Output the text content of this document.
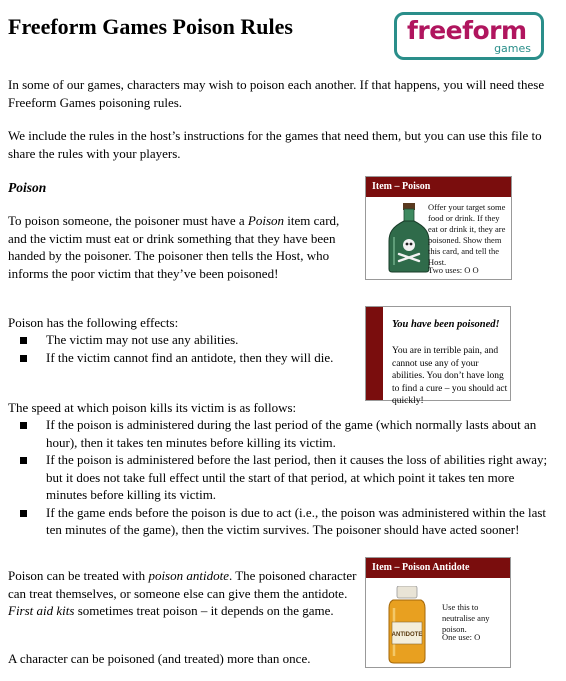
Freeform Games Poison Rules	freeform
games

In some of our games, characters may wish to poison each another. If that happens, you will need these Freeform Games poisoning rules.

We include the rules in the host’s instructions for the games that need them, but you can use this file to share the rules with your players.

Poison

To poison someone, the poisoner must have a Poison item card, and the victim must eat or drink something that they have been handed by the poisoner. The poisoner then tells the Host, who informs the poor victim that they’ve been poisoned!

Poison has the following effects:

The victim may not use any abilities.
If the victim cannot find an antidote, then they will die.

The speed at which poison kills its victim is as follows:

If the poison is administered during the last period of the game (which normally lasts about an hour), then it takes ten minutes before killing its victim.
If the poison is administered before the last period, then it causes the loss of abilities right away; but it does not take full effect until the start of that period, at which point it takes ten more minutes before killing its victim.
If the game ends before the poison is due to act (i.e., the poison was administered within the last ten minutes of the game), then the victim survives. The poisoner should have acted sooner!

Poison can be treated with poison antidote. The poisoned character can treat themselves, or someone else can give them the antidote. First aid kits sometimes treat poison – it depends on the game.

A character can be poisoned (and treated) more than once.

Item – Poison
Offer your target some food or drink. If they eat or drink it, they are poisoned. Show them this card, and tell the Host.
Two uses: O O
You have been poisoned!
You are in terrible pain, and cannot use any of your abilities. You don’t have long to find a cure – you should act quickly!
Item – Poison Antidote
ANTIDOTE
Use this to neutralise any poison.
One use: O
